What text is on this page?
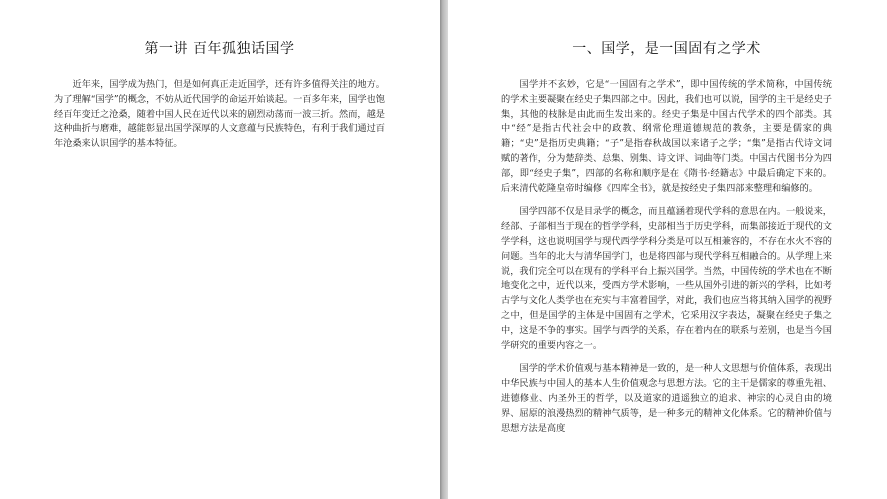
第一讲 百年孤独话国学

近年来，国学成为热门，但是如何真正走近国学，还有许多值得关注的地方。为了理解“国学”的概念，不妨从近代国学的命运开始谈起。一百多年来，国学也饱经百年变迁之沧桑，随着中国人民在近代以来的剧烈动荡而一波三折。然而，越是这种曲折与磨难，越能彰显出国学深厚的人文意蕴与民族特色，有利于我们通过百年沧桑来认识国学的基本特征。

一、国学，是一国固有之学术

国学并不玄妙，它是“一国固有之学术”，即中国传统的学术简称，中国传统的学术主要凝聚在经史子集四部之中。因此，我们也可以说，国学的主干是经史子集，其他的枝脉是由此而生发出来的。经史子集是中国古代学术的四个部类。其中“经”是指古代社会中的政教、纲常伦理道德规范的教条，主要是儒家的典籍；“史”是指历史典籍；“子”是指春秋战国以来诸子之学；“集”是指古代诗文词赋的著作，分为楚辞类、总集、别集、诗文评、词曲等门类。中国古代图书分为四部，即“经史子集”，四部的名称和顺序是在《隋书·经籍志》中最后确定下来的。后来清代乾隆皇帝时编修《四库全书》，就是按经史子集四部来整理和编修的。

国学四部不仅是目录学的概念，而且蕴涵着现代学科的意思在内。一般说来，经部、子部相当于现在的哲学学科，史部相当于历史学科，而集部接近于现代的文学学科，这也说明国学与现代西学学科分类是可以互相兼容的，不存在水火不容的问题。当年的北大与清华国学门，也是将四部与现代学科互相融合的。从学理上来说，我们完全可以在现有的学科平台上振兴国学。当然，中国传统的学术也在不断地变化之中，近代以来，受西方学术影响，一些从国外引进的新兴的学科，比如考古学与文化人类学也在充实与丰富着国学，对此，我们也应当将其纳入国学的视野之中，但是国学的主体是中国固有之学术，它采用汉字表达，凝聚在经史子集之中，这是不争的事实。国学与西学的关系，存在着内在的联系与差别，也是当今国学研究的重要内容之一。

国学的学术价值观与基本精神是一致的，是一种人文思想与价值体系，表现出中华民族与中国人的基本人生价值观念与思想方法。它的主干是儒家的尊重先祖、进德修业、内圣外王的哲学，以及道家的逍遥独立的追求、神宗的心灵自由的境界、屈原的浪漫热烈的精神气质等，是一种多元的精神文化体系。它的精神价值与思想方法是高度
